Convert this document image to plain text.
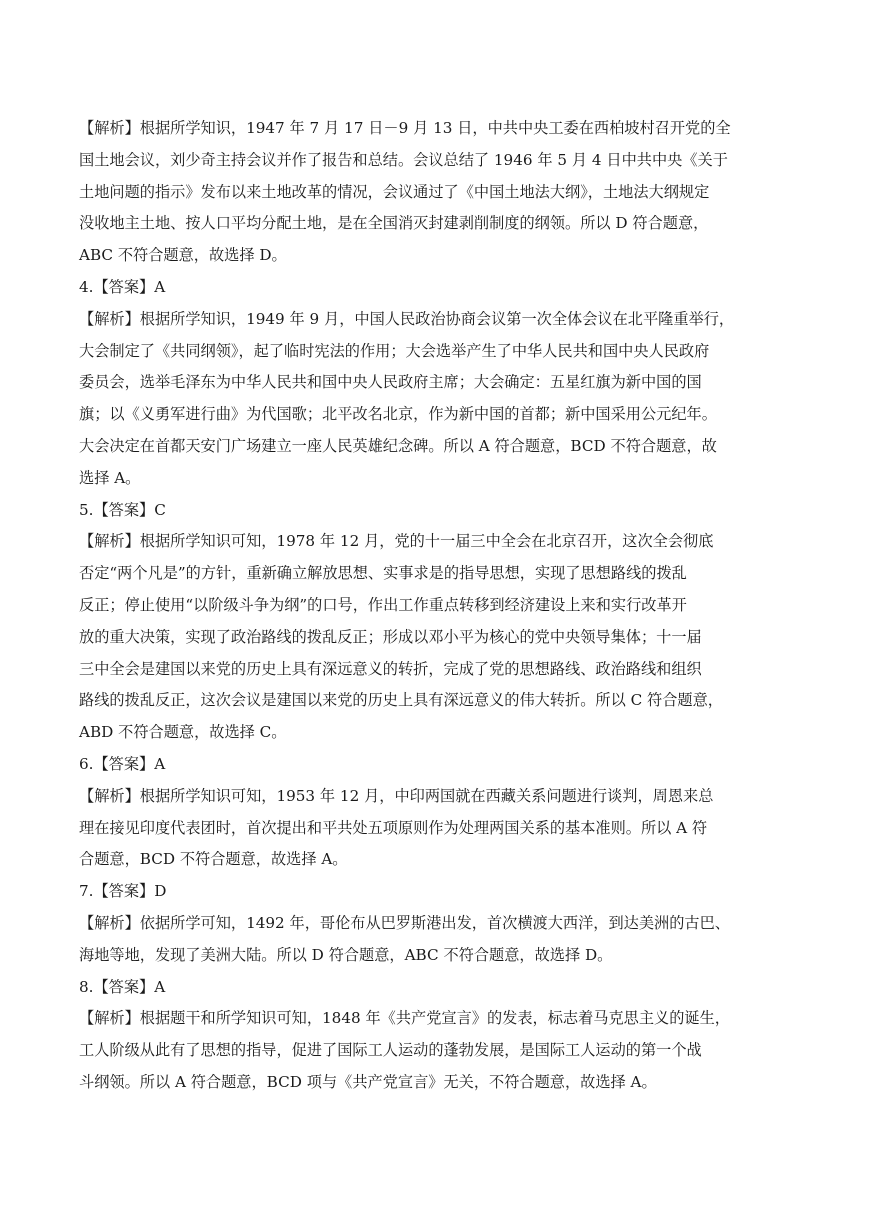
【解析】根据所学知识，1947 年 7 月 17 日－9 月 13 日，中共中央工委在西柏坡村召开党的全
国土地会议，刘少奇主持会议并作了报告和总结。会议总结了 1946 年 5 月 4 日中共中央《关于
土地问题的指示》发布以来土地改革的情况，会议通过了《中国土地法大纲》，土地法大纲规定
没收地主土地、按人口平均分配土地，是在全国消灭封建剥削制度的纲领。所以 D 符合题意，
ABC 不符合题意，故选择 D。
4.【答案】A
【解析】根据所学知识，1949 年 9 月，中国人民政治协商会议第一次全体会议在北平隆重举行，
大会制定了《共同纲领》，起了临时宪法的作用；大会选举产生了中华人民共和国中央人民政府
委员会，选举毛泽东为中华人民共和国中央人民政府主席；大会确定：五星红旗为新中国的国
旗；以《义勇军进行曲》为代国歌；北平改名北京，作为新中国的首都；新中国采用公元纪年。
大会决定在首都天安门广场建立一座人民英雄纪念碑。所以 A 符合题意，BCD 不符合题意，故
选择 A。
5.【答案】C
【解析】根据所学知识可知，1978 年 12 月，党的十一届三中全会在北京召开，这次全会彻底
否定“两个凡是”的方针，重新确立解放思想、实事求是的指导思想，实现了思想路线的拨乱
反正；停止使用“以阶级斗争为纲”的口号，作出工作重点转移到经济建设上来和实行改革开
放的重大决策，实现了政治路线的拨乱反正；形成以邓小平为核心的党中央领导集体；十一届
三中全会是建国以来党的历史上具有深远意义的转折，完成了党的思想路线、政治路线和组织
路线的拨乱反正，这次会议是建国以来党的历史上具有深远意义的伟大转折。所以 C 符合题意，
ABD 不符合题意，故选择 C。
6.【答案】A
【解析】根据所学知识可知，1953 年 12 月，中印两国就在西藏关系问题进行谈判，周恩来总
理在接见印度代表团时，首次提出和平共处五项原则作为处理两国关系的基本准则。所以 A 符
合题意，BCD 不符合题意，故选择 A。
7.【答案】D
【解析】依据所学可知，1492 年，哥伦布从巴罗斯港出发，首次横渡大西洋，到达美洲的古巴、
海地等地，发现了美洲大陆。所以 D 符合题意，ABC 不符合题意，故选择 D。
8.【答案】A
【解析】根据题干和所学知识可知，1848 年《共产党宣言》的发表，标志着马克思主义的诞生，
工人阶级从此有了思想的指导，促进了国际工人运动的蓬勃发展，是国际工人运动的第一个战
斗纲领。所以 A 符合题意，BCD 项与《共产党宣言》无关，不符合题意，故选择 A。
